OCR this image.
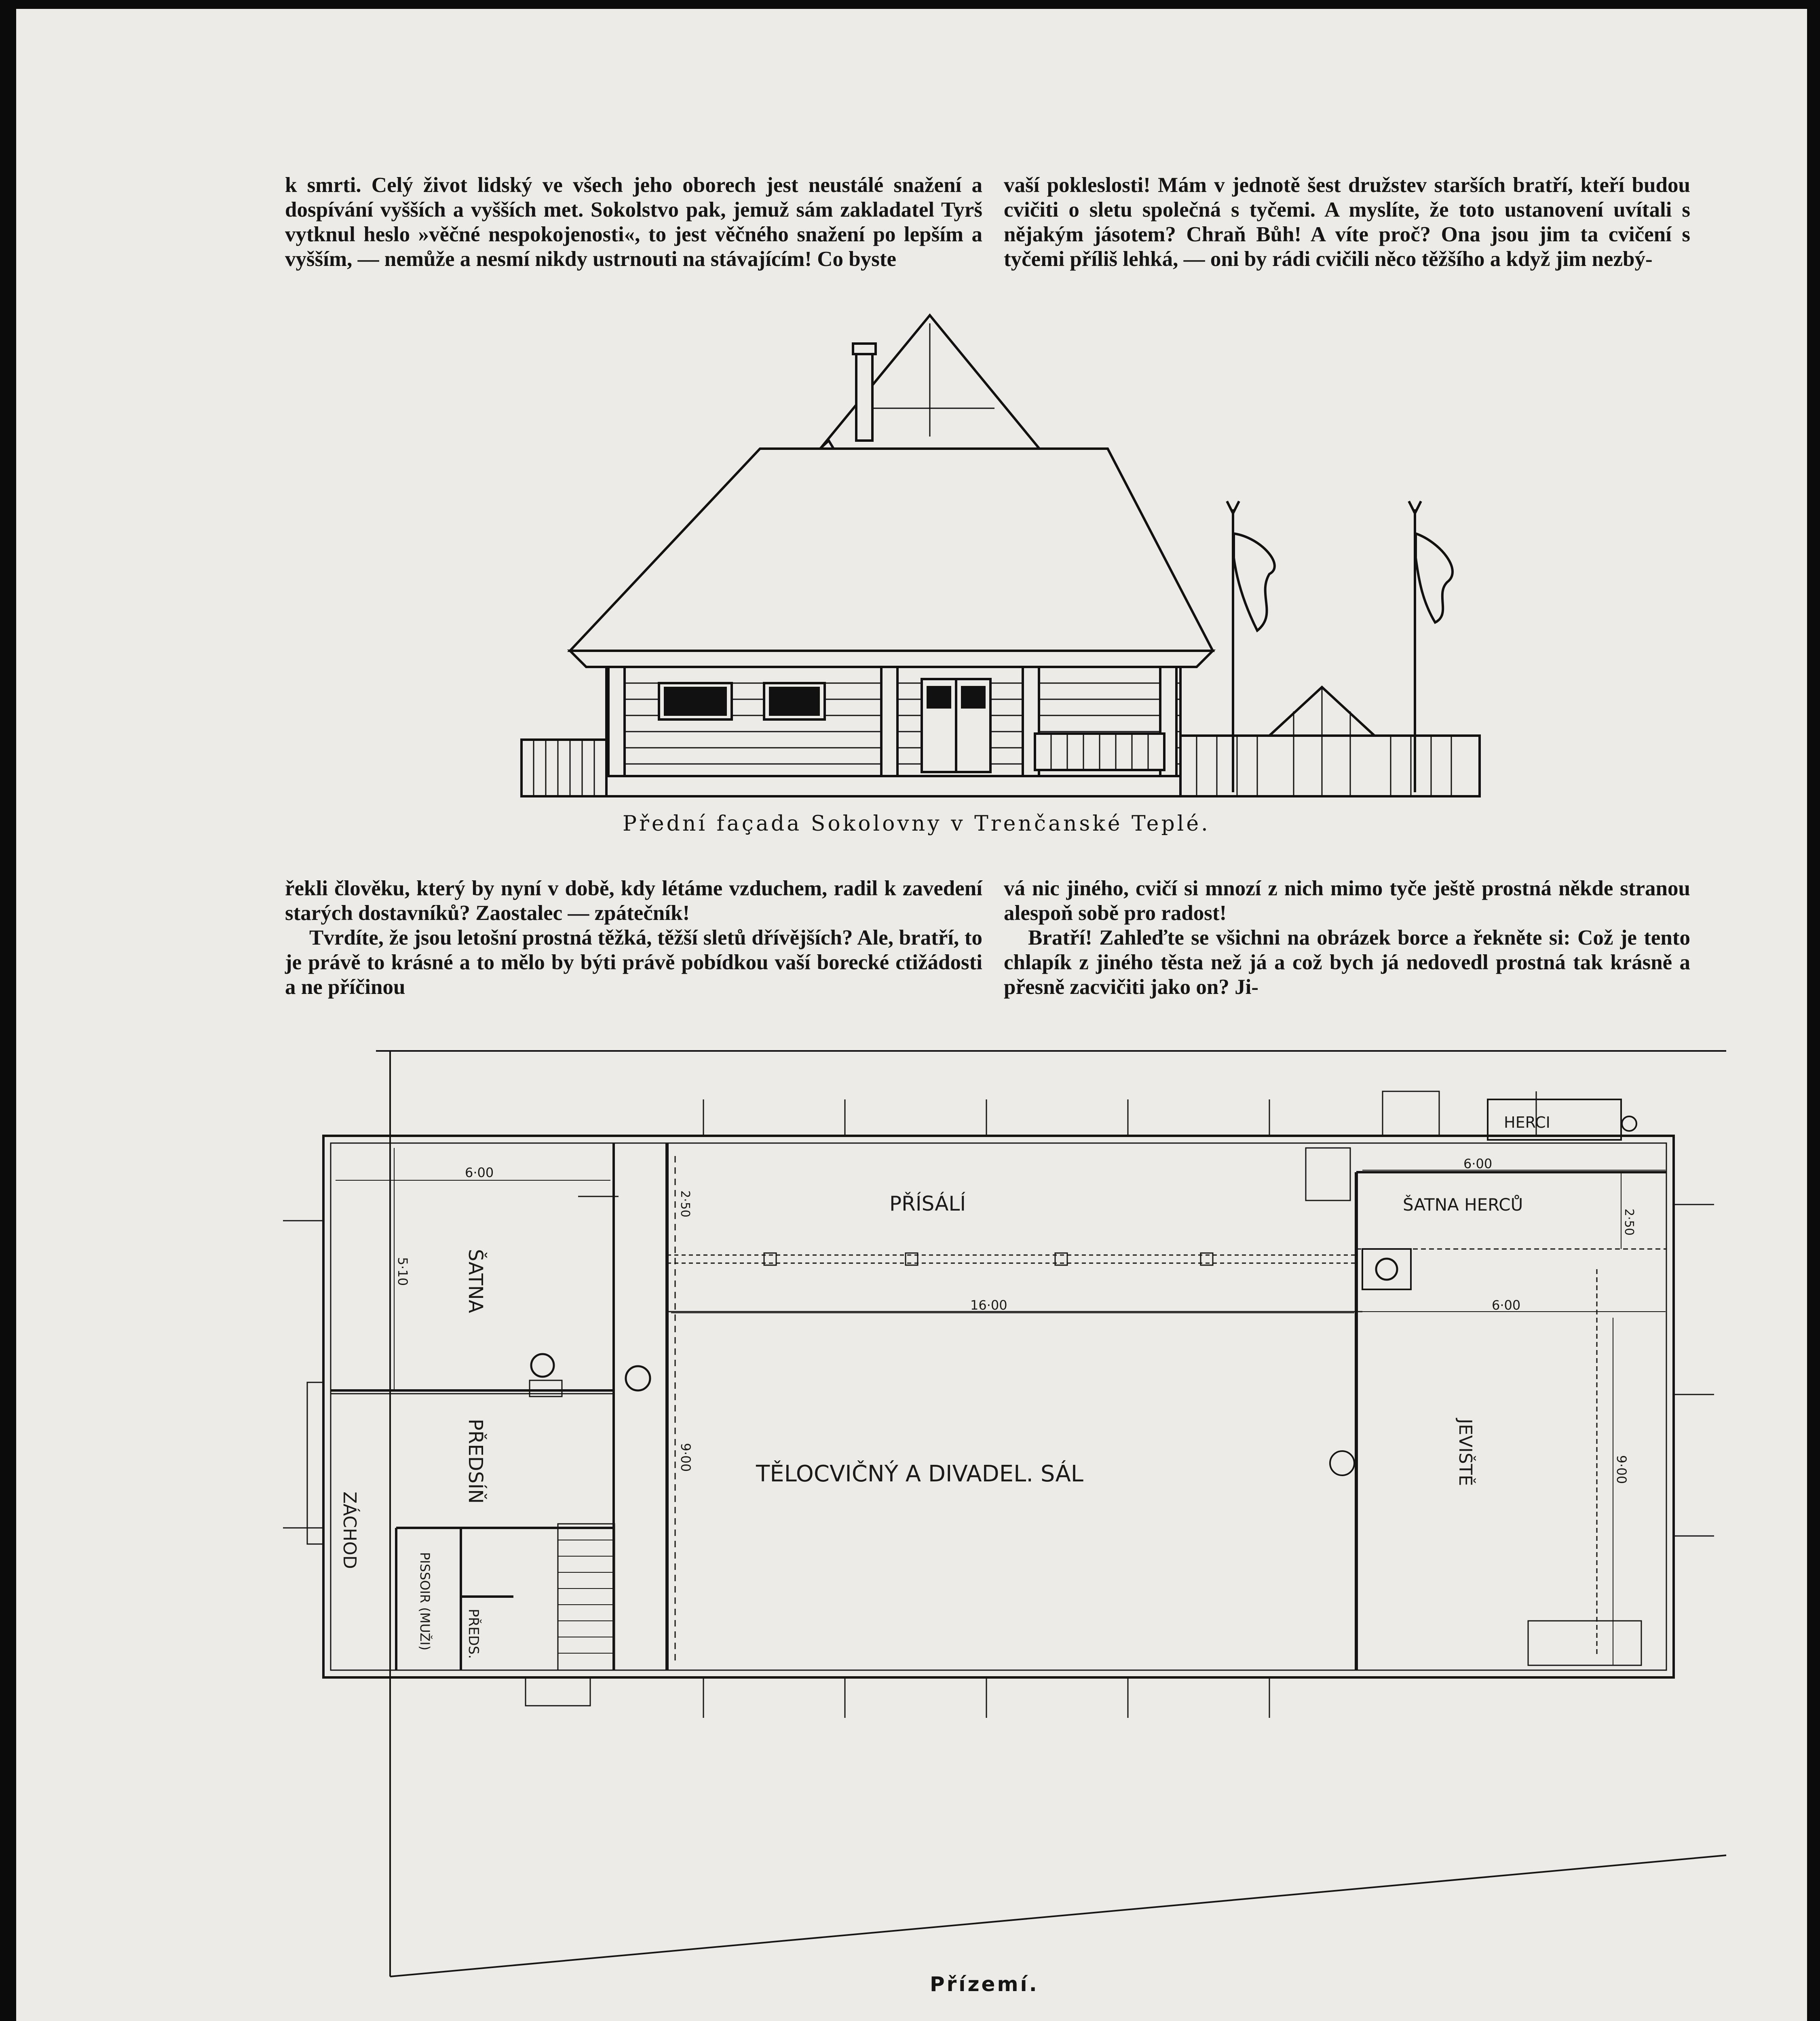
k smrti. Celý život lidský ve všech jeho oborech jest neustálé snažení a dospívání vyšších a vyšších met. Sokolstvo pak, jemuž sám zakladatel Tyrš vytknul heslo »věčné nespokojenosti«, to jest věčného snažení po lepším a vyšším, — nemůže a nesmí nikdy ustrnouti na stávajícím! Co byste

vaší pokleslosti! Mám v jednotě šest družstev starších bratří, kteří budou cvičiti o sletu společná s tyčemi. A myslíte, že toto ustanovení uvítali s nějakým jásotem? Chraň Bůh! A víte proč? Ona jsou jim ta cvičení s tyčemi příliš lehká, — oni by rádi cvičili něco těžšího a když jim nezbý-

řekli člověku, který by nyní v době, kdy létáme vzduchem, radil k zavedení starých dostavníků? Zaostalec — zpátečník!

Tvrdíte, že jsou letošní prostná těžká, těžší sletů dřívějších? Ale, bratří, to je právě to krásné a to mělo by býti právě pobídkou vaší borecké ctižádosti a ne příčinou

vá nic jiného, cvičí si mnozí z nich mimo tyče ještě prostná někde stranou alespoň sobě pro radost!

Bratří! Zahleďte se všichni na obrázek borce a řekněte si: Což je tento chlapík z jiného těsta než já a což bych já nedovedl prostná tak krásně a přesně zacvičiti jako on? Ji-

PŘÍSÁLÍ
TĚLOCVIČNÝ A DIVADEL. SÁL
ŠATNA
PŘEDSÍŇ
ZÁCHOD
PISSOIR (MUŽI) PŘEDS.
ŠATNA HERCŮ
HERCI
JEVIŠTĚ
6·00
5·10
2·50
16·00
6·00
6·00
2·50
9·00	9·00
Přední façada Sokolovny v Trenčanské Teplé.
Přízemí.
